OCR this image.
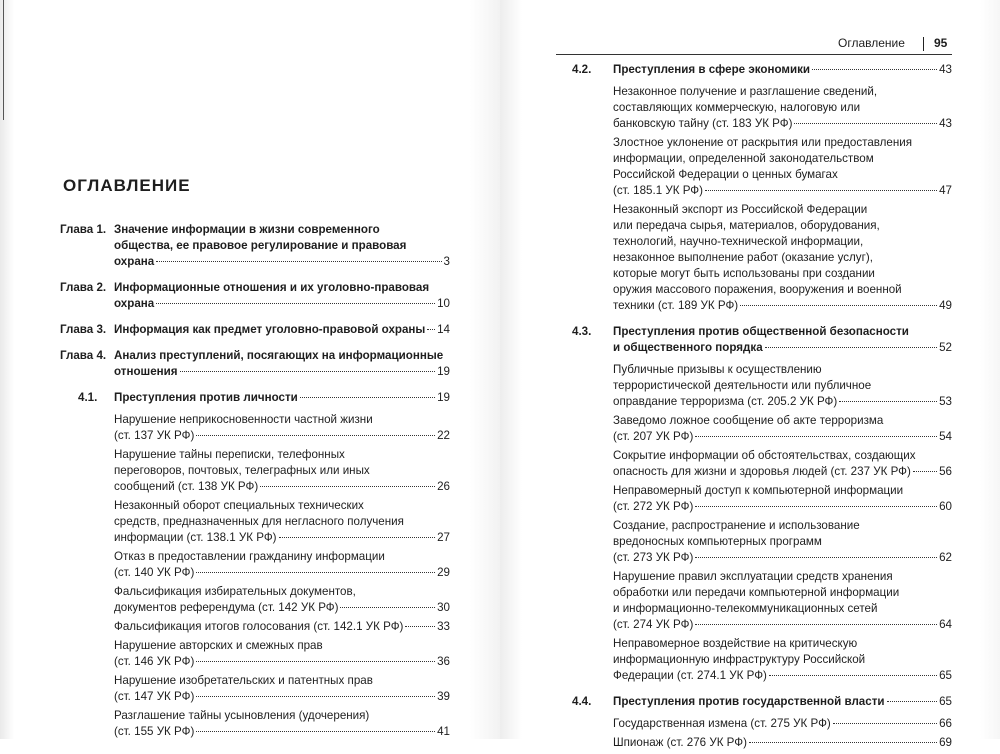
Оглавление 95
ОГЛАВЛЕНИЕ
Глава 1. Значение информации в жизни современного
общества, ее правовое регулирование и правовая
охрана	3
Глава 2. Информационные отношения и их уголовно-правовая
охрана	10
Глава 3. Информация как предмет уголовно-правовой охраны 14
Глава 4. Анализ преступлений, посягающих на информационные
отношения	19
4.1. Преступления против личности	19
Нарушение неприкосновенности частной жизни
(ст. 137 УК РФ)	22
Нарушение тайны переписки, телефонных
переговоров, почтовых, телеграфных или иных
сообщений (ст. 138 УК РФ)	26
Незаконный оборот специальных технических
средств, предназначенных для негласного получения
информации (ст. 138.1 УК РФ)	27
Отказ в предоставлении гражданину информации
(ст. 140 УК РФ)	29
Фальсификация избирательных документов,
документов референдума (ст. 142 УК РФ)	30
Фальсификация итогов голосования (ст. 142.1 УК РФ)	33
Нарушение авторских и смежных прав
(ст. 146 УК РФ)	36
Нарушение изобретательских и патентных прав
(ст. 147 УК РФ)	39
Разглашение тайны усыновления (удочерения)
(ст. 155 УК РФ)	41
4.2. Преступления в сфере экономики	43
Незаконное получение и разглашение сведений,
составляющих коммерческую, налоговую или
банковскую тайну (ст. 183 УК РФ)	43
Злостное уклонение от раскрытия или предоставления
информации, определенной законодательством
Российской Федерации о ценных бумагах
(ст. 185.1 УК РФ)	47
Незаконный экспорт из Российской Федерации
или передача сырья, материалов, оборудования,
технологий, научно-технической информации,
незаконное выполнение работ (оказание услуг),
которые могут быть использованы при создании
оружия массового поражения, вооружения и военной
техники (ст. 189 УК РФ)	49
4.3. Преступления против общественной безопасности
и общественного порядка	52
Публичные призывы к осуществлению
террористической деятельности или публичное
оправдание терроризма (ст. 205.2 УК РФ)	53
Заведомо ложное сообщение об акте терроризма
(ст. 207 УК РФ)	54
Сокрытие информации об обстоятельствах, создающих
опасность для жизни и здоровья людей (ст. 237 УК РФ) 56
Неправомерный доступ к компьютерной информации
(ст. 272 УК РФ)	60
Создание, распространение и использование
вредоносных компьютерных программ
(ст. 273 УК РФ)	62
Нарушение правил эксплуатации средств хранения
обработки или передачи компьютерной информации
и информационно-телекоммуникационных сетей
(ст. 274 УК РФ)	64
Неправомерное воздействие на критическую
информационную инфраструктуру Российской
Федерации (ст. 274.1 УК РФ)	65
4.4. Преступления против государственной власти	65
Государственная измена (ст. 275 УК РФ)	66
Шпионаж (ст. 276 УК РФ)	69
